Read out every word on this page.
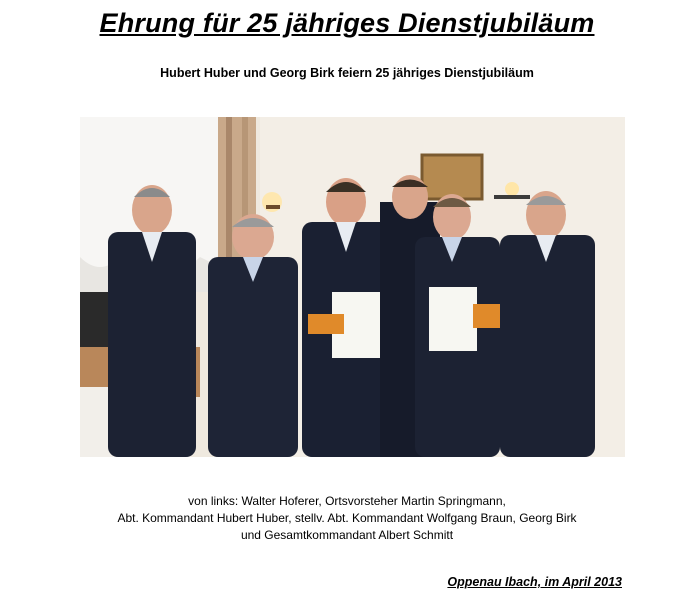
Ehrung für 25 jähriges Dienstjubiläum
Hubert Huber und Georg Birk feiern 25 jähriges Dienstjubiläum
von links: Walter Hoferer, Ortsvorsteher Martin Springmann,
Abt. Kommandant Hubert Huber, stellv. Abt. Kommandant Wolfgang Braun, Georg Birk
und Gesamtkommandant Albert Schmitt
Oppenau Ibach, im April 2013
